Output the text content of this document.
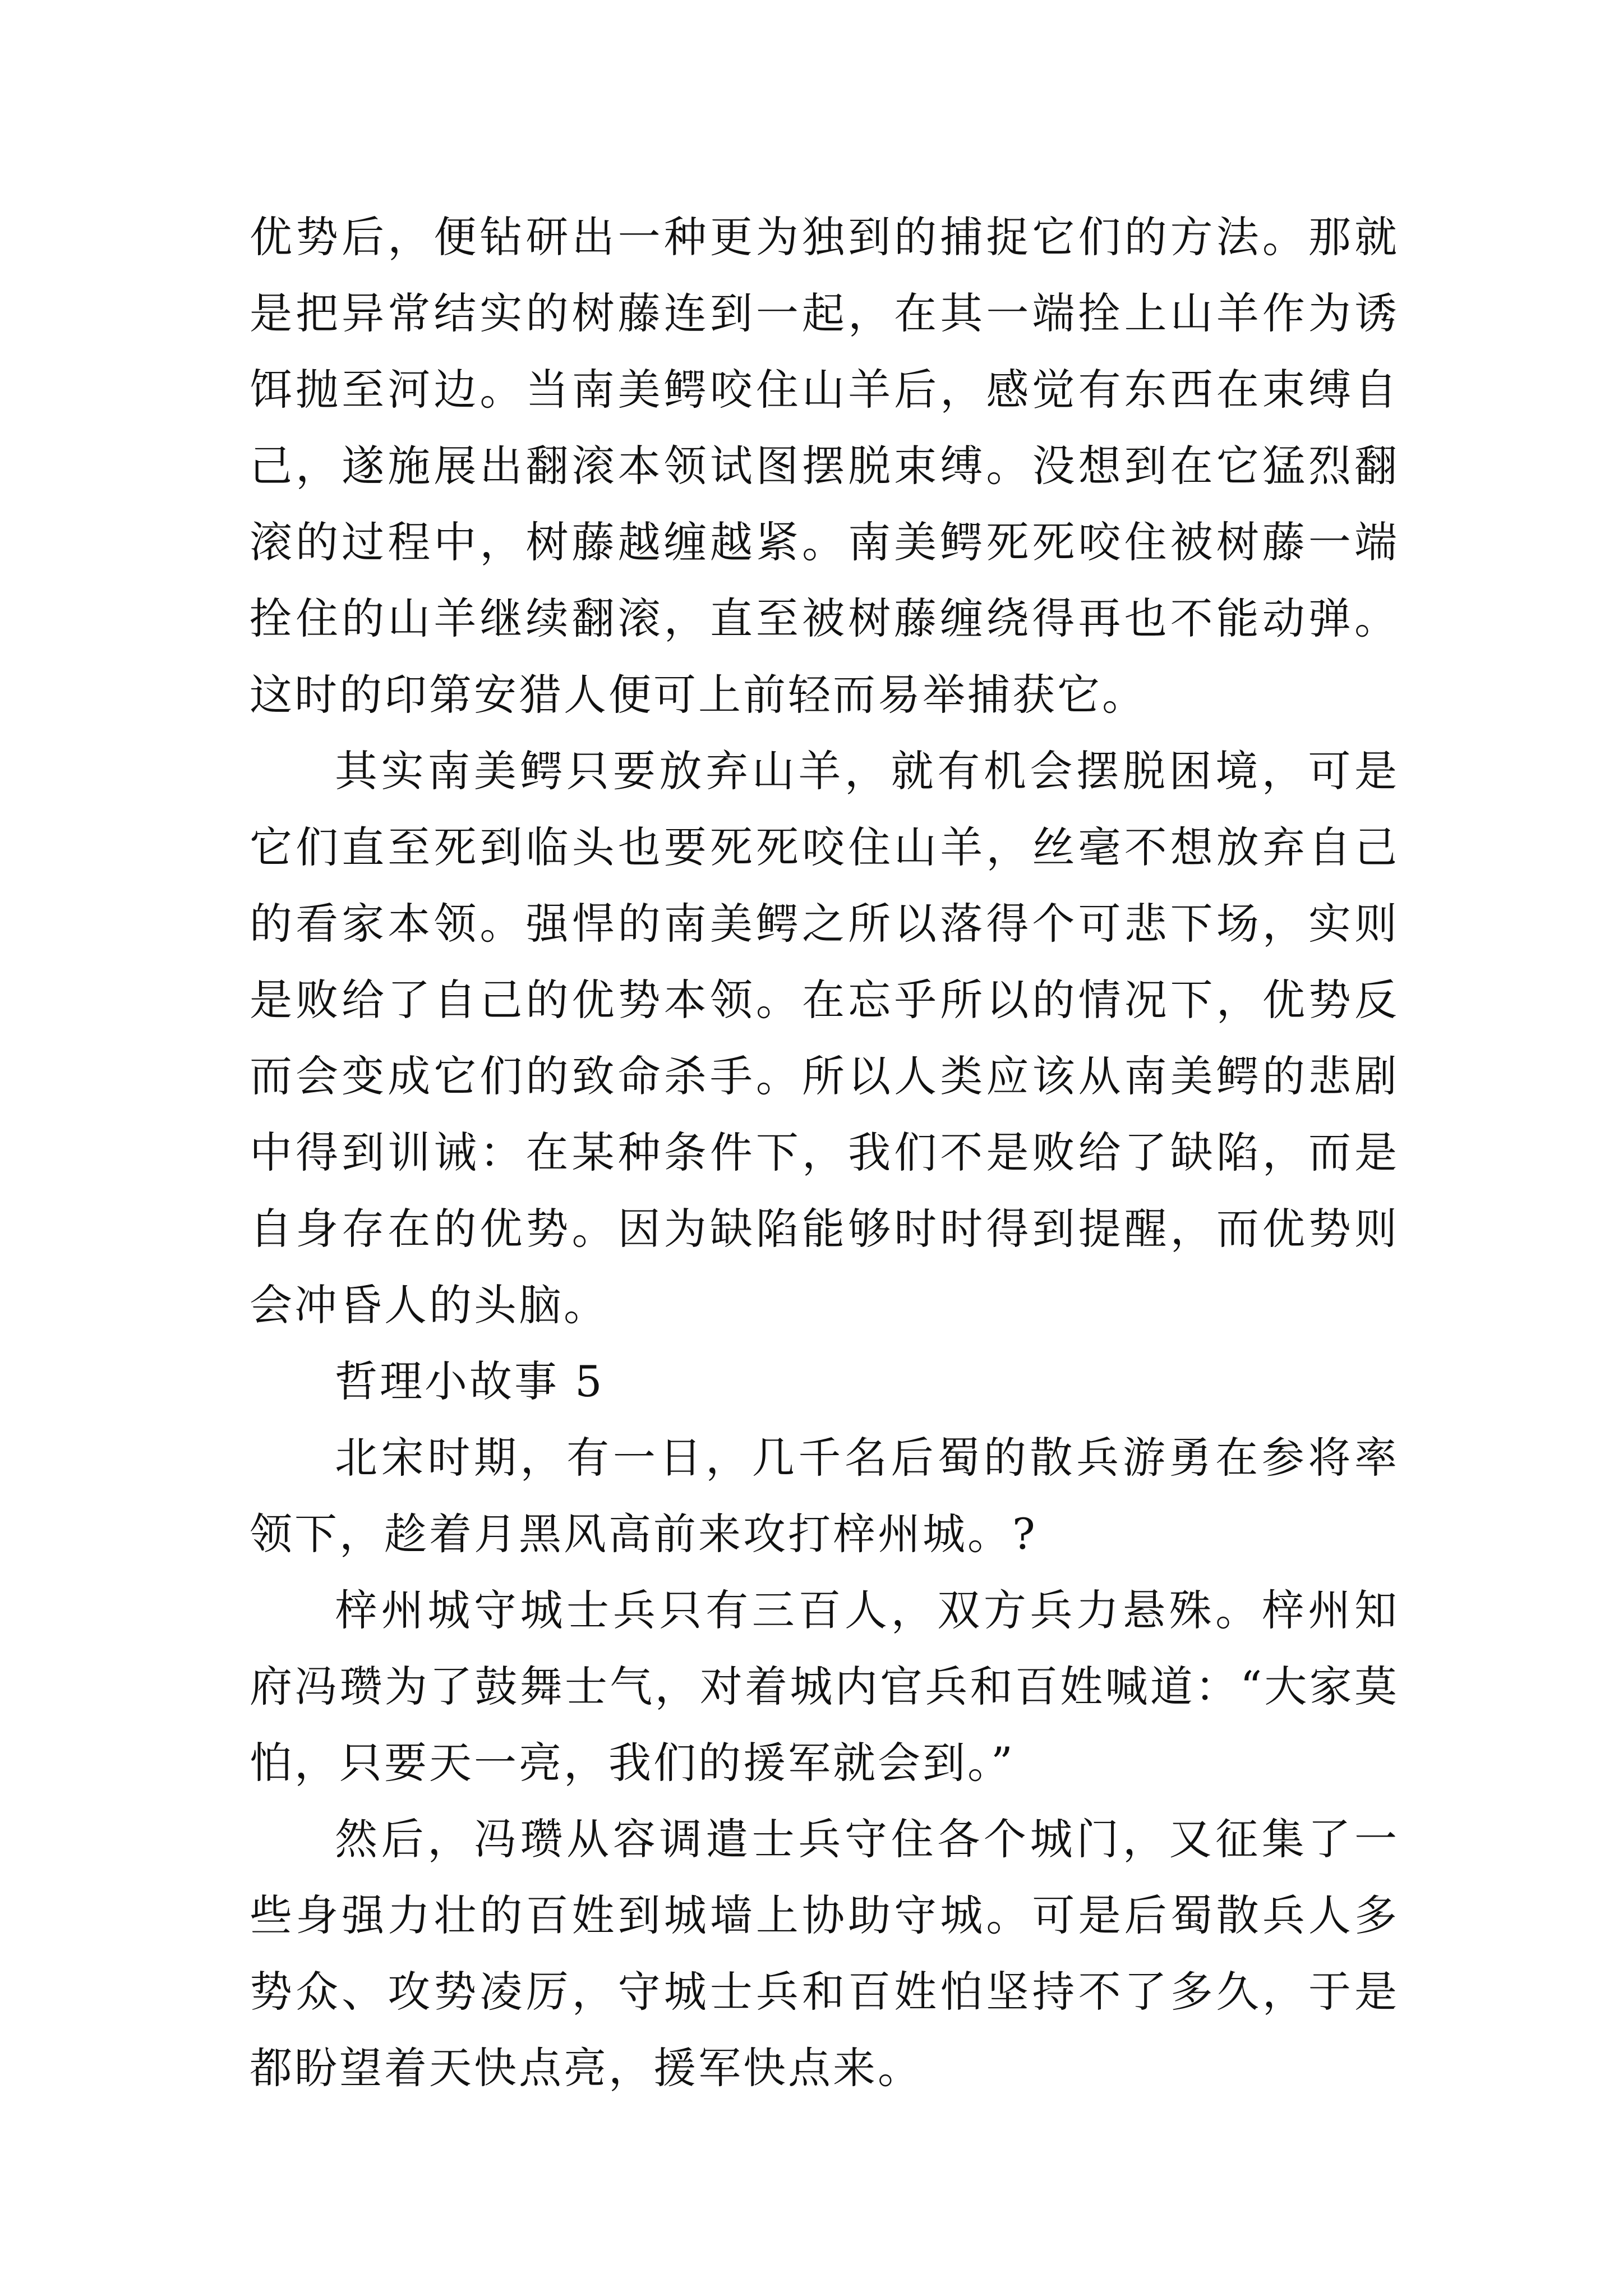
优势后，便钻研出一种更为独到的捕捉它们的方法。那就是把异常结实的树藤连到一起，在其一端拴上山羊作为诱饵抛至河边。当南美鳄咬住山羊后，感觉有东西在束缚自己，遂施展出翻滚本领试图摆脱束缚。没想到在它猛烈翻滚的过程中，树藤越缠越紧。南美鳄死死咬住被树藤一端拴住的山羊继续翻滚，直至被树藤缠绕得再也不能动弹。这时的印第安猎人便可上前轻而易举捕获它。

其实南美鳄只要放弃山羊，就有机会摆脱困境，可是它们直至死到临头也要死死咬住山羊，丝毫不想放弃自己的看家本领。强悍的南美鳄之所以落得个可悲下场，实则是败给了自己的优势本领。在忘乎所以的情况下，优势反而会变成它们的致命杀手。所以人类应该从南美鳄的悲剧中得到训诫：在某种条件下，我们不是败给了缺陷，而是自身存在的优势。因为缺陷能够时时得到提醒，而优势则会冲昏人的头脑。

哲理小故事 5

北宋时期，有一日，几千名后蜀的散兵游勇在参将率领下，趁着月黑风高前来攻打梓州城。?

梓州城守城士兵只有三百人，双方兵力悬殊。梓州知府冯瓒为了鼓舞士气，对着城内官兵和百姓喊道：“大家莫怕，只要天一亮，我们的援军就会到。”

然后，冯瓒从容调遣士兵守住各个城门，又征集了一些身强力壮的百姓到城墙上协助守城。可是后蜀散兵人多势众、攻势凌厉，守城士兵和百姓怕坚持不了多久，于是都盼望着天快点亮，援军快点来。
